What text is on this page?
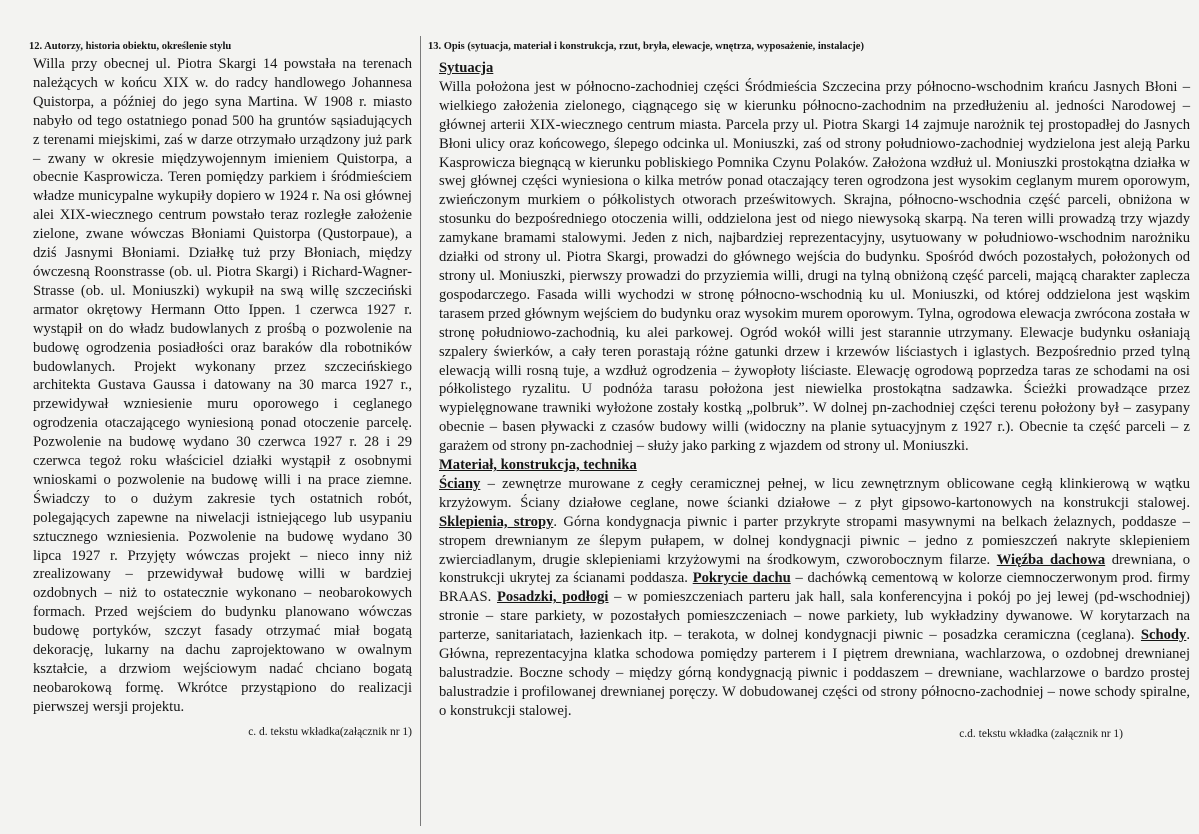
12. Autorzy, historia obiektu, określenie stylu

Willa przy obecnej ul. Piotra Skargi 14 powstała na terenach należących w końcu XIX w. do radcy handlowego Johannesa Quistorpa, a później do jego syna Martina. W 1908 r. miasto nabyło od tego ostatniego ponad 500 ha gruntów sąsiadujących z terenami miejskimi, zaś w darze otrzymało urządzony już park – zwany w okresie międzywojennym imieniem Quistorpa, a obecnie Kasprowicza. Teren pomiędzy parkiem i śródmieściem władze municypalne wykupiły dopiero w 1924 r. Na osi głównej alei XIX-wiecznego centrum powstało teraz rozległe założenie zielone, zwane wówczas Błoniami Quistorpa (Qustorpaue), a dziś Jasnymi Błoniami. Działkę tuż przy Błoniach, między ówczesną Roonstrasse (ob. ul. Piotra Skargi) i Richard-Wagner-Strasse (ob. ul. Moniuszki) wykupił na swą willę szczeciński armator okrętowy Hermann Otto Ippen. 1 czerwca 1927 r. wystąpił on do władz budowlanych z prośbą o pozwolenie na budowę ogrodzenia posiadłości oraz baraków dla robotników budowlanych. Projekt wykonany przez szczecińskiego architekta Gustava Gaussa i datowany na 30 marca 1927 r., przewidywał wzniesienie muru oporowego i ceglanego ogrodzenia otaczającego wyniesioną ponad otoczenie parcelę. Pozwolenie na budowę wydano 30 czerwca 1927 r. 28 i 29 czerwca tegoż roku właściciel działki wystąpił z osobnymi wnioskami o pozwolenie na budowę willi i na prace ziemne. Świadczy to o dużym zakresie tych ostatnich robót, polegających zapewne na niwelacji istniejącego lub usypaniu sztucznego wzniesienia. Pozwolenie na budowę wydano 30 lipca 1927 r. Przyjęty wówczas projekt – nieco inny niż zrealizowany – przewidywał budowę willi w bardziej ozdobnych – niż to ostatecznie wykonano – neobarokowych formach. Przed wejściem do budynku planowano wówczas budowę portyków, szczyt fasady otrzymać miał bogatą dekorację, lukarny na dachu zaprojektowano w owalnym kształcie, a drzwiom wejściowym nadać chciano bogatą neobarokową formę. Wkrótce przystąpiono do realizacji pierwszej wersji projektu.

c. d. tekstu wkładka(załącznik nr 1)
13. Opis (sytuacja, materiał i konstrukcja, rzut, bryła, elewacje, wnętrza, wyposażenie, instalacje)
Sytuacja

Willa położona jest w północno-zachodniej części Śródmieścia Szczecina przy północno-wschodnim krańcu Jasnych Błoni – wielkiego założenia zielonego, ciągnącego się w kierunku północno-zachodnim na przedłużeniu al. jedności Narodowej – głównej arterii XIX-wiecznego centrum miasta. Parcela przy ul. Piotra Skargi 14 zajmuje narożnik tej prostopadłej do Jasnych Błoni ulicy oraz końcowego, ślepego odcinka ul. Moniuszki, zaś od strony południowo-zachodniej wydzielona jest aleją Parku Kasprowicza biegnącą w kierunku pobliskiego Pomnika Czynu Polaków. Założona wzdłuż ul. Moniuszki prostokątna działka w swej głównej części wyniesiona o kilka metrów ponad otaczający teren ogrodzona jest wysokim ceglanym murem oporowym, zwieńczonym murkiem o półkolistych otworach prześwitowych. Skrajna, północno-wschodnia część parceli, obniżona w stosunku do bezpośredniego otoczenia willi, oddzielona jest od niego niewysoką skarpą. Na teren willi prowadzą trzy wjazdy zamykane bramami stalowymi. Jeden z nich, najbardziej reprezentacyjny, usytuowany w południowo-wschodnim narożniku działki od strony ul. Piotra Skargi, prowadzi do głównego wejścia do budynku. Spośród dwóch pozostałych, położonych od strony ul. Moniuszki, pierwszy prowadzi do przyziemia willi, drugi na tylną obniżoną część parceli, mającą charakter zaplecza gospodarczego. Fasada willi wychodzi w stronę północno-wschodnią ku ul. Moniuszki, od której oddzielona jest wąskim tarasem przed głównym wejściem do budynku oraz wysokim murem oporowym. Tylna, ogrodowa elewacja zwrócona została w stronę południowo-zachodnią, ku alei parkowej. Ogród wokół willi jest starannie utrzymany. Elewacje budynku osłaniają szpalery świerków, a cały teren porastają różne gatunki drzew i krzewów liściastych i iglastych. Bezpośrednio przed tylną elewacją willi rosną tuje, a wzdłuż ogrodzenia – żywopłoty liściaste. Elewację ogrodową poprzedza taras ze schodami na osi półkolistego ryzalitu. U podnóża tarasu położona jest niewielka prostokątna sadzawka. Ścieżki prowadzące przez wypielęgnowane trawniki wyłożone zostały kostką „polbruk”. W dolnej pn-zachodniej części terenu położony był – zasypany obecnie – basen pływacki z czasów budowy willi (widoczny na planie sytuacyjnym z 1927 r.). Obecnie ta część parceli – z garażem od strony pn-zachodniej – służy jako parking z wjazdem od strony ul. Moniuszki.

Materiał, konstrukcja, technika

Ściany – zewnętrze murowane z cegły ceramicznej pełnej, w licu zewnętrznym oblicowane cegłą klinkierową w wątku krzyżowym. Ściany działowe ceglane, nowe ścianki działowe – z płyt gipsowo-kartonowych na konstrukcji stalowej. Sklepienia, stropy. Górna kondygnacja piwnic i parter przykryte stropami masywnymi na belkach żelaznych, poddasze – stropem drewnianym ze ślepym pułapem, w dolnej kondygnacji piwnic – jedno z pomieszczeń nakryte sklepieniem zwierciadlanym, drugie sklepieniami krzyżowymi na środkowym, czworobocznym filarze. Więźba dachowa drewniana, o konstrukcji ukrytej za ścianami poddasza. Pokrycie dachu – dachówką cementową w kolorze ciemnoczerwonym prod. firmy BRAAS. Posadzki, podłogi – w pomieszczeniach parteru jak hall, sala konferencyjna i pokój po jej lewej (pd-wschodniej) stronie – stare parkiety, w pozostałych pomieszczeniach – nowe parkiety, lub wykładziny dywanowe. W korytarzach na parterze, sanitariatach, łazienkach itp. – terakota, w dolnej kondygnacji piwnic – posadzka ceramiczna (ceglana). Schody. Główna, reprezentacyjna klatka schodowa pomiędzy parterem i I piętrem drewniana, wachlarzowa, o ozdobnej drewnianej balustradzie. Boczne schody – między górną kondygnacją piwnic i poddaszem – drewniane, wachlarzowe o bardzo prostej balustradzie i profilowanej drewnianej poręczy. W dobudowanej części od strony północno-zachodniej – nowe schody spiralne, o konstrukcji stalowej.

c.d. tekstu wkładka (załącznik nr 1)
